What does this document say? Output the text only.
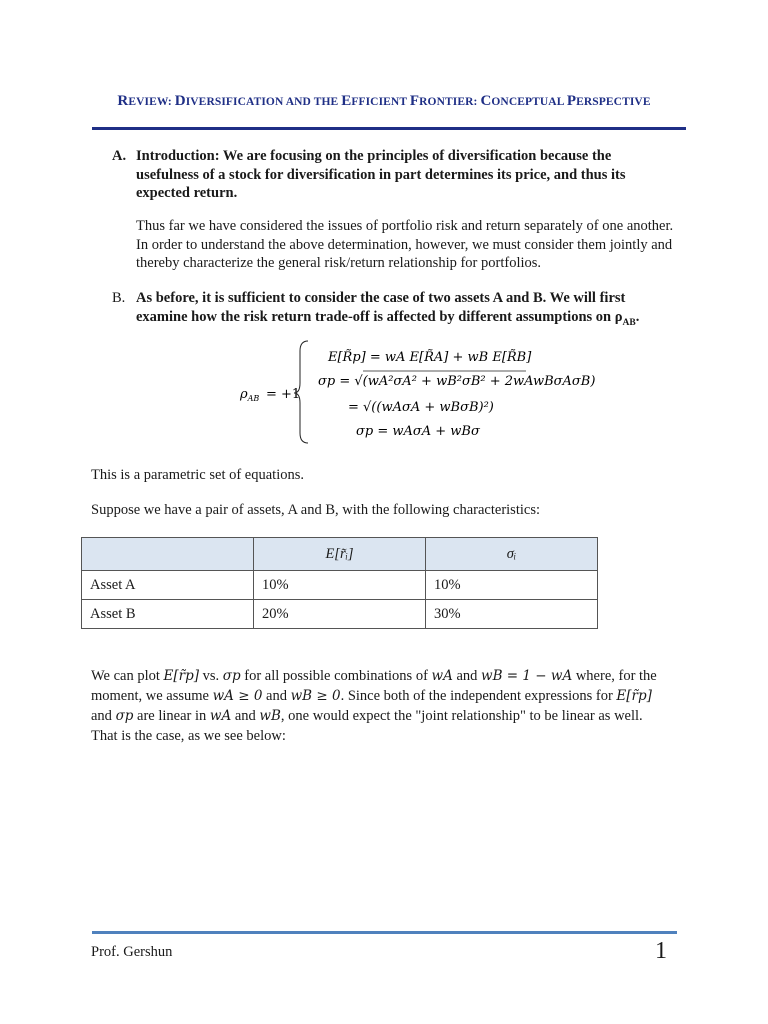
REVIEW: DIVERSIFICATION AND THE EFFICIENT FRONTIER: CONCEPTUAL PERSPECTIVE
A. Introduction: We are focusing on the principles of diversification because the usefulness of a stock for diversification in part determines its price, and thus its expected return.
Thus far we have considered the issues of portfolio risk and return separately of one another. In order to understand the above determination, however, we must consider them jointly and thereby characterize the general risk/return relationship for portfolios.
B. As before, it is sufficient to consider the case of two assets A and B. We will first examine how the risk return trade-off is affected by different assumptions on $\rho_{AB}$.
$\rho_{AB} = +1$
E[R̃p] = wA E[R̃A] + wB E[R̃B]
σp = √(wA²σA² + wB²σB² + 2wAwBσAσB)
= √((wAσA + wBσB)²)
σp = wAσA + wBσ
This is a parametric set of equations.
Suppose we have a pair of assets, A and B, with the following characteristics:
	E[r̃ᵢ]	σᵢ
Asset A	10%	10%
Asset B	20%	30%
We can plot E[r̃p] vs. σp for all possible combinations of wA and wB = 1 − wA where, for the
moment, we assume wA ≥ 0 and wB ≥ 0. Since both of the independent expressions for E[r̃p]
and σp are linear in wA and wB, one would expect the "joint relationship" to be linear as well.
That is the case, as we see below:
Prof. Gershun	1
